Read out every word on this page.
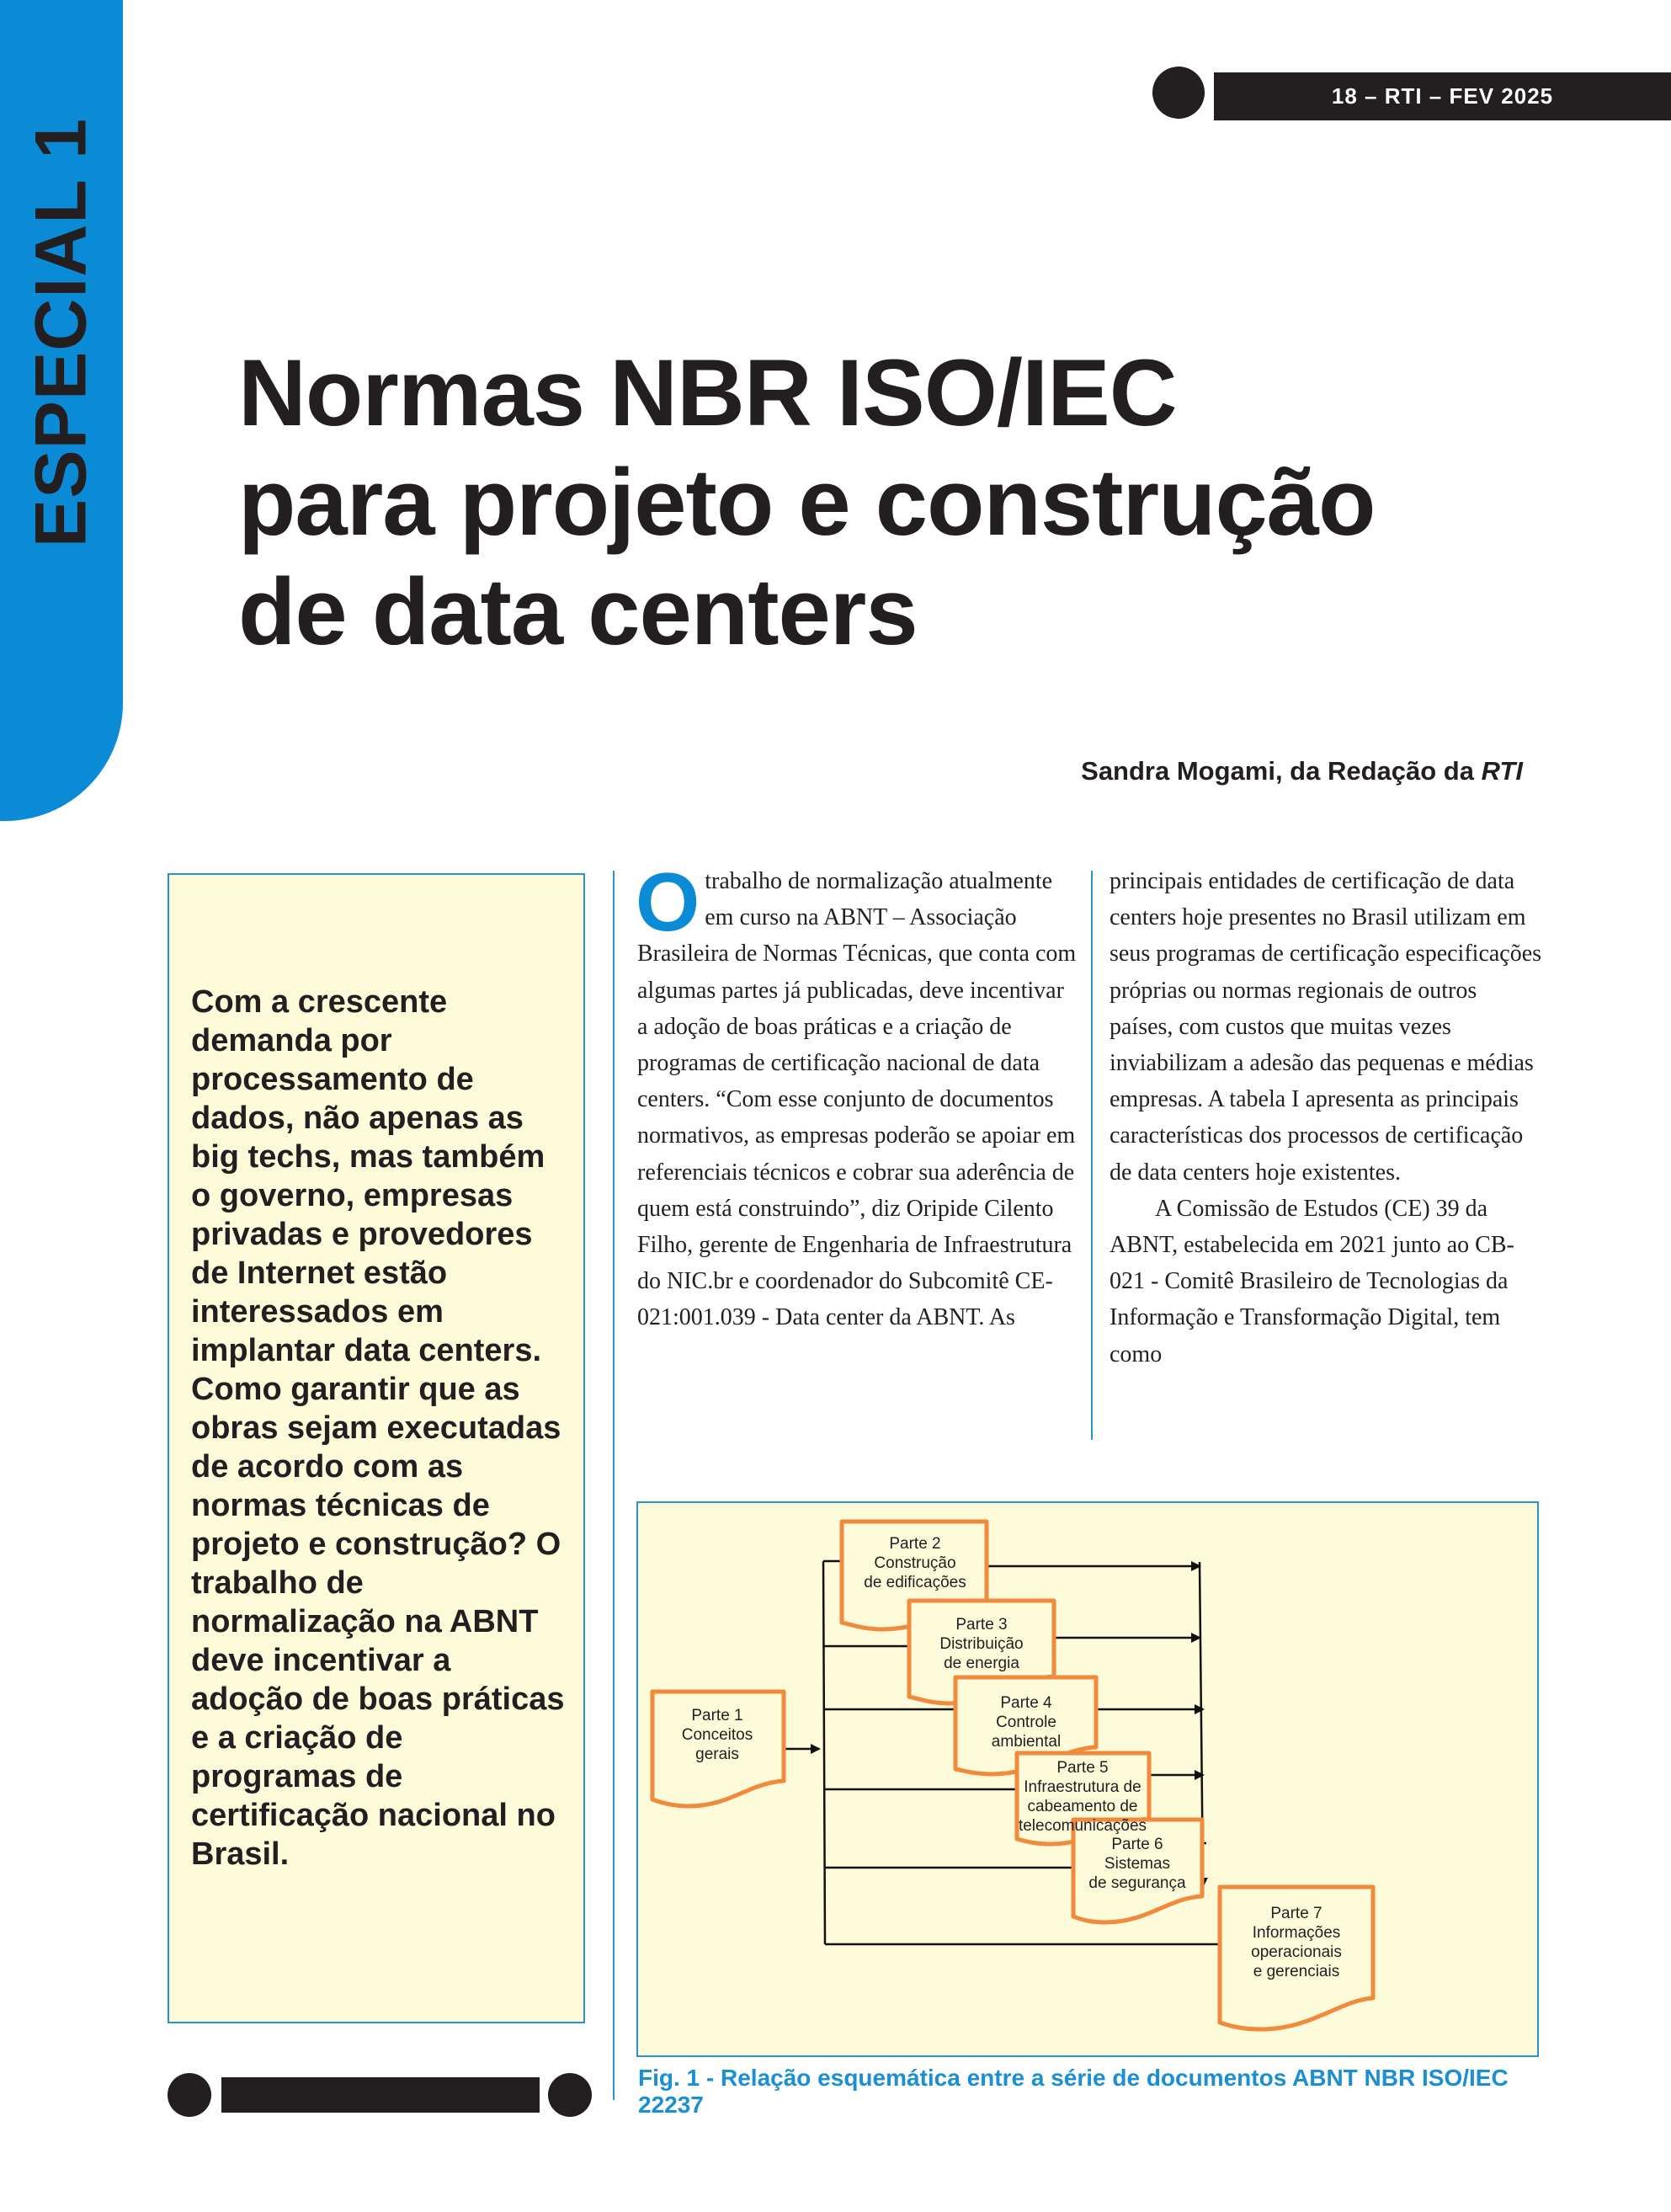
ESPECIAL 1
18 – RTI – FEV 2025
Normas NBR ISO/IEC
para projeto e construção
de data centers
Sandra Mogami, da Redação da RTI

Com a crescente demanda por processamento de dados, não apenas as big techs, mas também o governo, empresas privadas e provedores de Internet estão interessados em implantar data centers. Como garantir que as obras sejam executadas de acordo com as normas técnicas de projeto e construção? O trabalho de normalização na ABNT deve incentivar a adoção de boas práticas e a criação de programas de certificação nacional no Brasil.

Otrabalho de normalização atualmente em curso na ABNT – Associação Brasileira de Normas Técnicas, que conta com algumas partes já publicadas, deve incentivar a adoção de boas práticas e a criação de programas de certificação nacional de data centers. “Com esse conjunto de documentos normativos, as empresas poderão se apoiar em referenciais técnicos e cobrar sua aderência de quem está construindo”, diz Oripide Cilento Filho, gerente de Engenharia de Infraestrutura do NIC.br e coordenador do Subcomitê CE-021:001.039 - Data center da ABNT. As

principais entidades de certificação de data centers hoje presentes no Brasil utilizam em seus programas de certificação especificações próprias ou normas regionais de outros países, com custos que muitas vezes inviabilizam a adesão das pequenas e médias empresas. A tabela I apresenta as principais características dos processos de certificação de data centers hoje existentes.

A Comissão de Estudos (CE) 39 da ABNT, estabelecida em 2021 junto ao CB-021 - Comitê Brasileiro de Tecnologias da Informação e Transformação Digital, tem como

Parte 1 Conceitos gerais
Parte 2 Construção de edificações
Parte 3 Distribuição de energia
Parte 4 Controle ambiental
Parte 5 Infraestrutura de cabeamento de telecomunicações
Parte 6 Sistemas de segurança
Parte 7 Informações operacionais e gerenciais
Fig. 1 - Relação esquemática entre a série de documentos ABNT NBR ISO/IEC 22237
